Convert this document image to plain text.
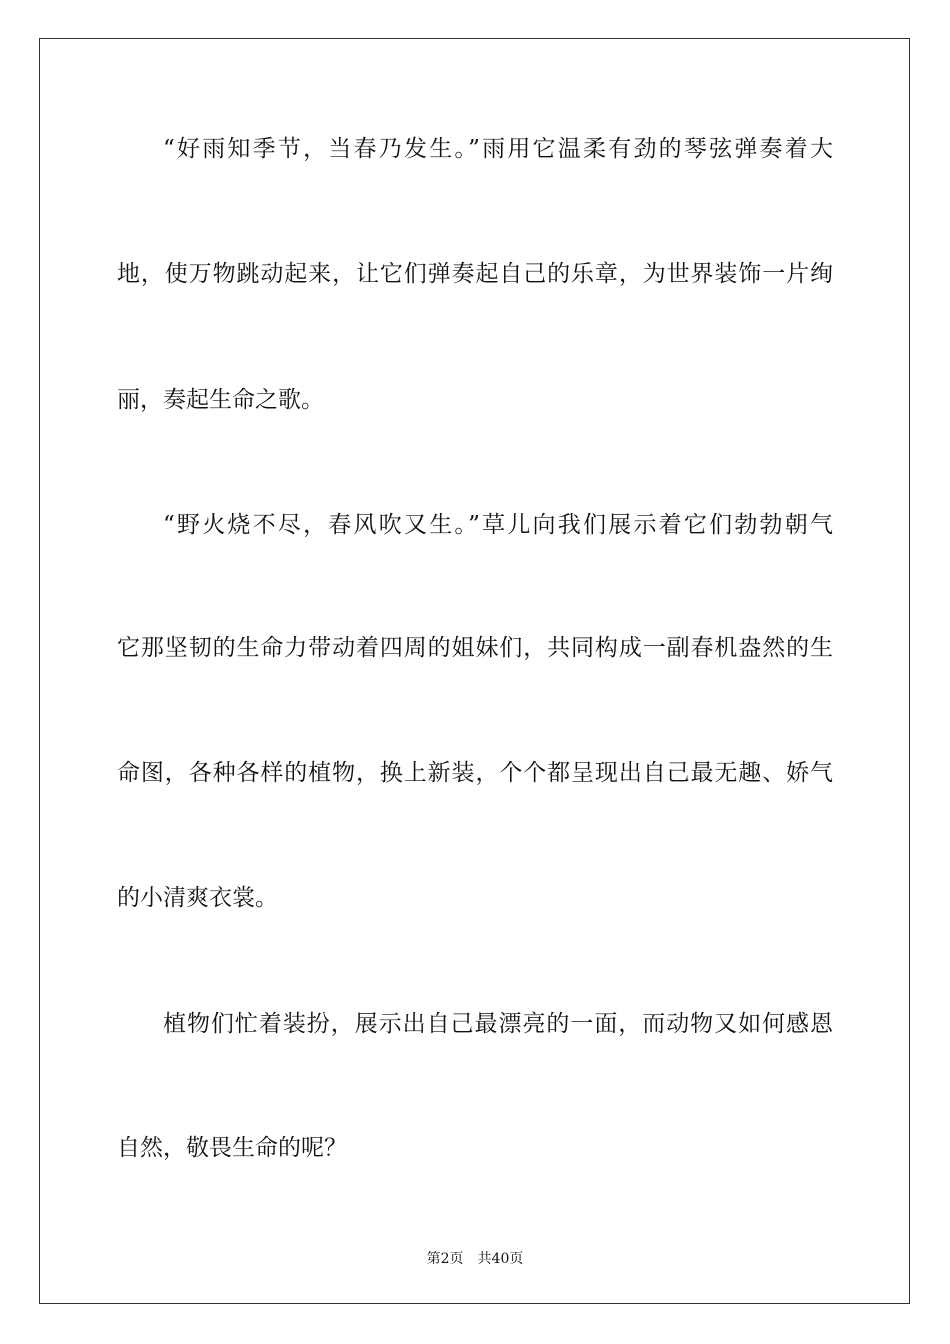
“好雨知季节，当春乃发生。”雨用它温柔有劲的琴弦弹奏着大
地，使万物跳动起来，让它们弹奏起自己的乐章，为世界装饰一片绚
丽，奏起生命之歌。
“野火烧不尽，春风吹又生。”草儿向我们展示着它们勃勃朝气
它那坚韧的生命力带动着四周的姐妹们，共同构成一副春机盎然的生
命图，各种各样的植物，换上新装，个个都呈现出自己最无趣、娇气
的小清爽衣裳。
植物们忙着装扮，展示出自己最漂亮的一面，而动物又如何感恩
自然，敬畏生命的呢？
第2页 共40页
